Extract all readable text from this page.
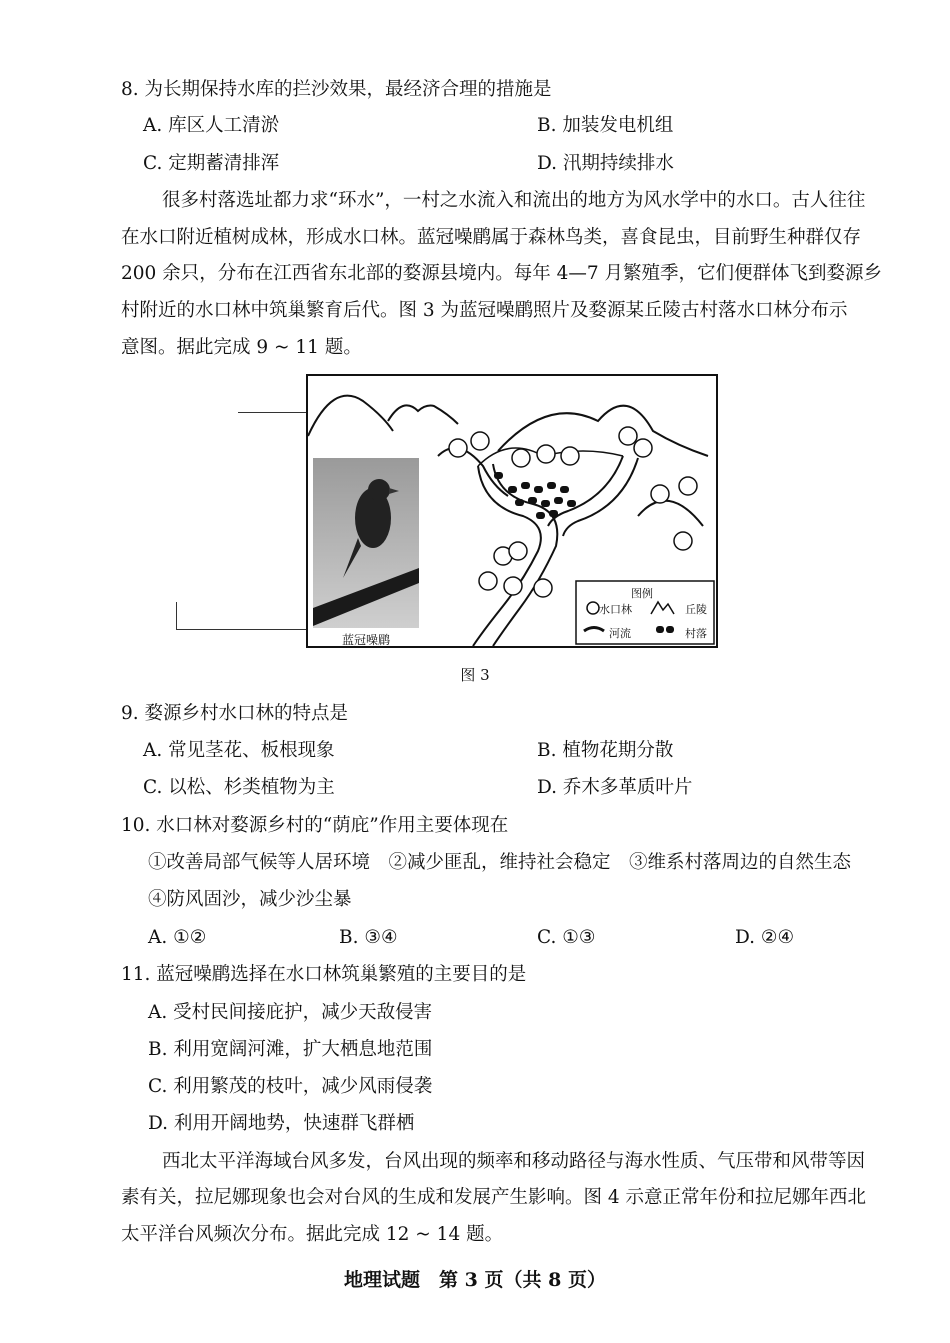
8. 为长期保持水库的拦沙效果，最经济合理的措施是
A. 库区人工清淤	B. 加装发电机组
C. 定期蓄清排浑	D. 汛期持续排水
很多村落选址都力求“环水”，一村之水流入和流出的地方为风水学中的水口。古人往往
在水口附近植树成林，形成水口林。蓝冠噪鹛属于森林鸟类，喜食昆虫，目前野生种群仅存
200 余只，分布在江西省东北部的婺源县境内。每年 4—7 月繁殖季，它们便群体飞到婺源乡
村附近的水口林中筑巢繁育后代。图 3 为蓝冠噪鹛照片及婺源某丘陵古村落水口林分布示
意图。据此完成 9 ~ 11 题。
蓝冠噪鹛
图例
水口林	丘陵
河流	村落
图 3
9. 婺源乡村水口林的特点是
A. 常见茎花、板根现象	B. 植物花期分散
C. 以松、杉类植物为主	D. 乔木多革质叶片
10. 水口林对婺源乡村的“荫庇”作用主要体现在
①改善局部气候等人居环境　②减少匪乱，维持社会稳定　③维系村落周边的自然生态
④防风固沙，减少沙尘暴
A. ①②	B. ③④	C. ①③	D. ②④
11. 蓝冠噪鹛选择在水口林筑巢繁殖的主要目的是
A. 受村民间接庇护，减少天敌侵害
B. 利用宽阔河滩，扩大栖息地范围
C. 利用繁茂的枝叶，减少风雨侵袭
D. 利用开阔地势，快速群飞群栖
西北太平洋海域台风多发，台风出现的频率和移动路径与海水性质、气压带和风带等因
素有关，拉尼娜现象也会对台风的生成和发展产生影响。图 4 示意正常年份和拉尼娜年西北
太平洋台风频次分布。据此完成 12 ~ 14 题。
地理试题　第 3 页（共 8 页）
